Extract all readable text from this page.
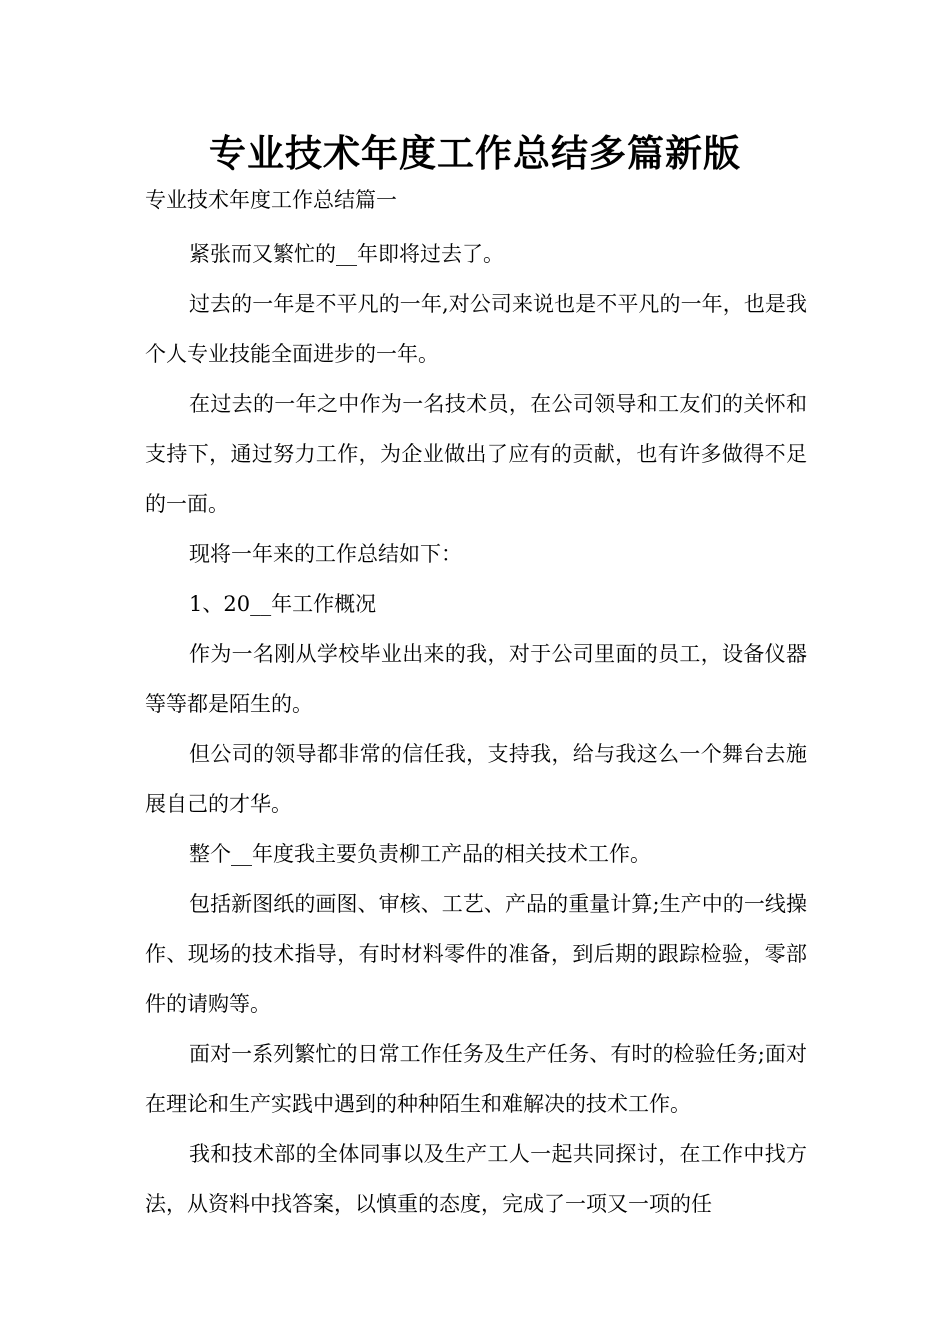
专业技术年度工作总结多篇新版
专业技术年度工作总结篇一

紧张而又繁忙的__年即将过去了。

过去的一年是不平凡的一年,对公司来说也是不平凡的一年，也是我个人专业技能全面进步的一年。

在过去的一年之中作为一名技术员，在公司领导和工友们的关怀和支持下，通过努力工作，为企业做出了应有的贡献，也有许多做得不足的一面。

现将一年来的工作总结如下：

1、20__年工作概况

作为一名刚从学校毕业出来的我，对于公司里面的员工，设备仪器等等都是陌生的。

但公司的领导都非常的信任我，支持我，给与我这么一个舞台去施展自己的才华。

整个__年度我主要负责柳工产品的相关技术工作。

包括新图纸的画图、审核、工艺、产品的重量计算;生产中的一线操作、现场的技术指导，有时材料零件的准备，到后期的跟踪检验，零部件的请购等。

面对一系列繁忙的日常工作任务及生产任务、有时的检验任务;面对在理论和生产实践中遇到的种种陌生和难解决的技术工作。

我和技术部的全体同事以及生产工人一起共同探讨，在工作中找方法，从资料中找答案，以慎重的态度，完成了一项又一项的任
